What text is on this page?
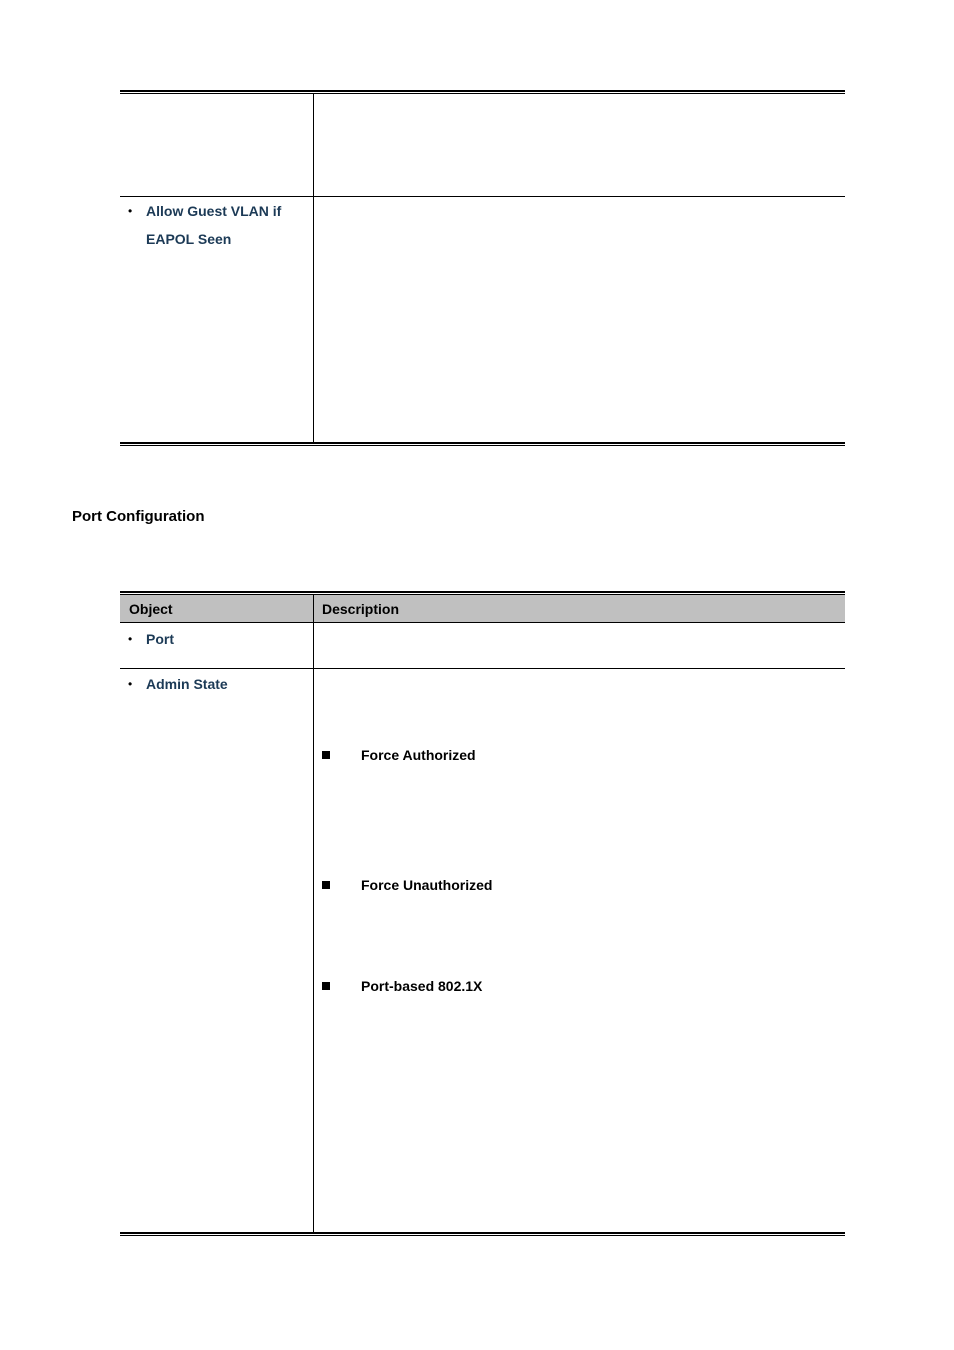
• Allow Guest VLAN if
EAPOL Seen
Port Configuration
Object	Description
• Port
• Admin State
Force Authorized
Force Unauthorized
Port-based 802.1X
